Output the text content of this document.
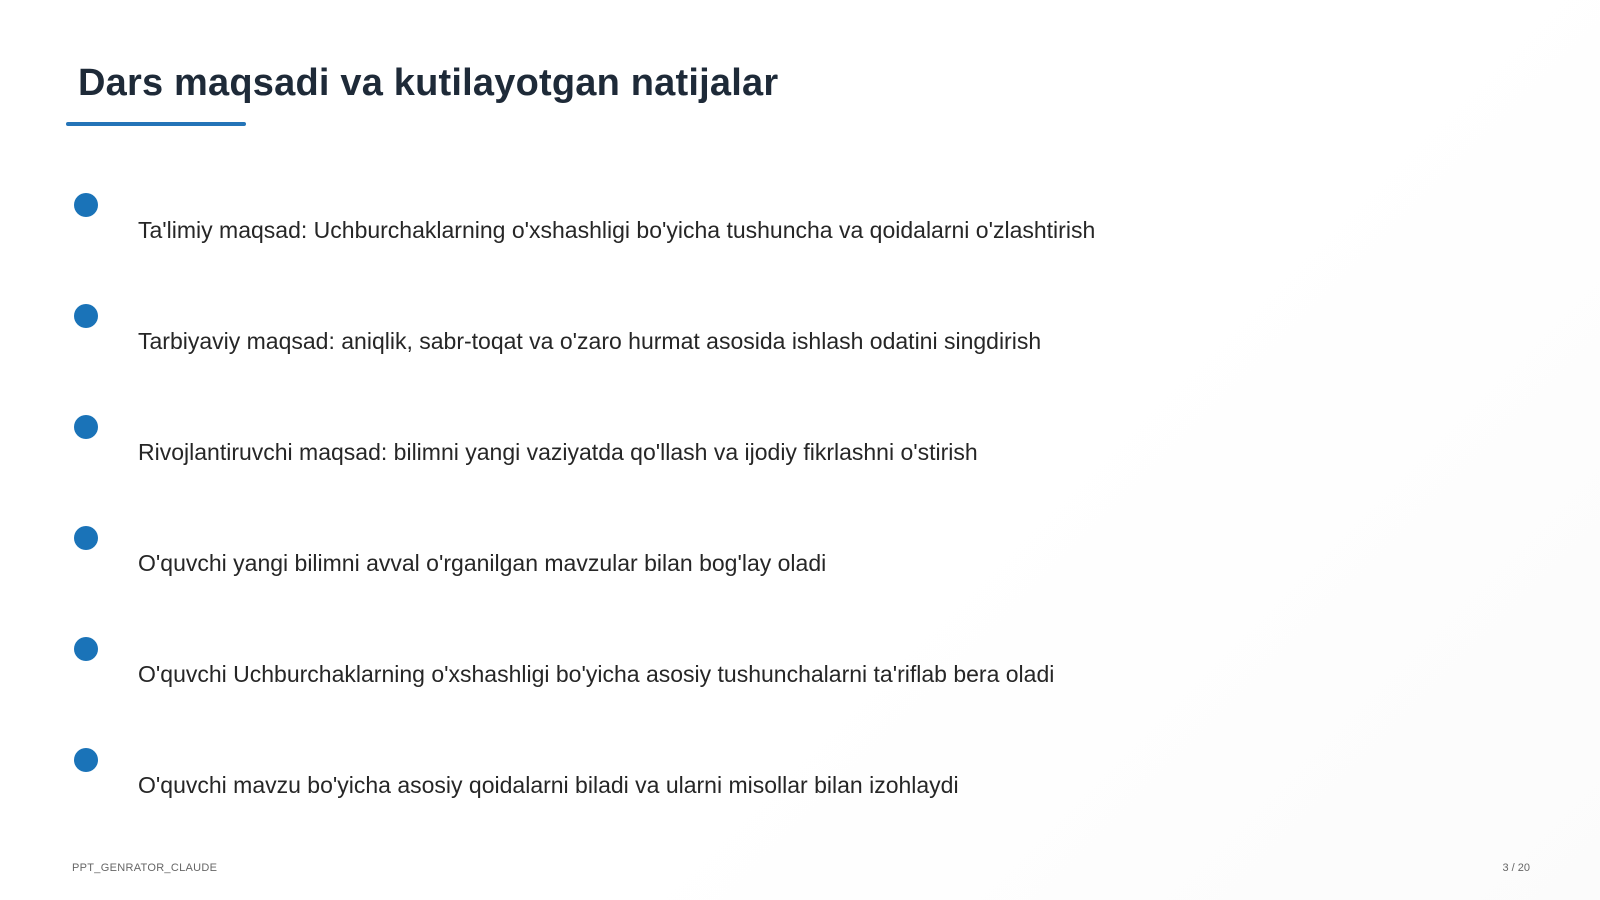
Dars maqsadi va kutilayotgan natijalar
Ta'limiy maqsad: Uchburchaklarning o'xshashligi bo'yicha tushuncha va qoidalarni o'zlashtirish
Tarbiyaviy maqsad: aniqlik, sabr-toqat va o'zaro hurmat asosida ishlash odatini singdirish
Rivojlantiruvchi maqsad: bilimni yangi vaziyatda qo'llash va ijodiy fikrlashni o'stirish
O'quvchi yangi bilimni avval o'rganilgan mavzular bilan bog'lay oladi
O'quvchi Uchburchaklarning o'xshashligi bo'yicha asosiy tushunchalarni ta'riflab bera oladi
O'quvchi mavzu bo'yicha asosiy qoidalarni biladi va ularni misollar bilan izohlaydi
PPT_GENRATOR_CLAUDE	3 / 20
